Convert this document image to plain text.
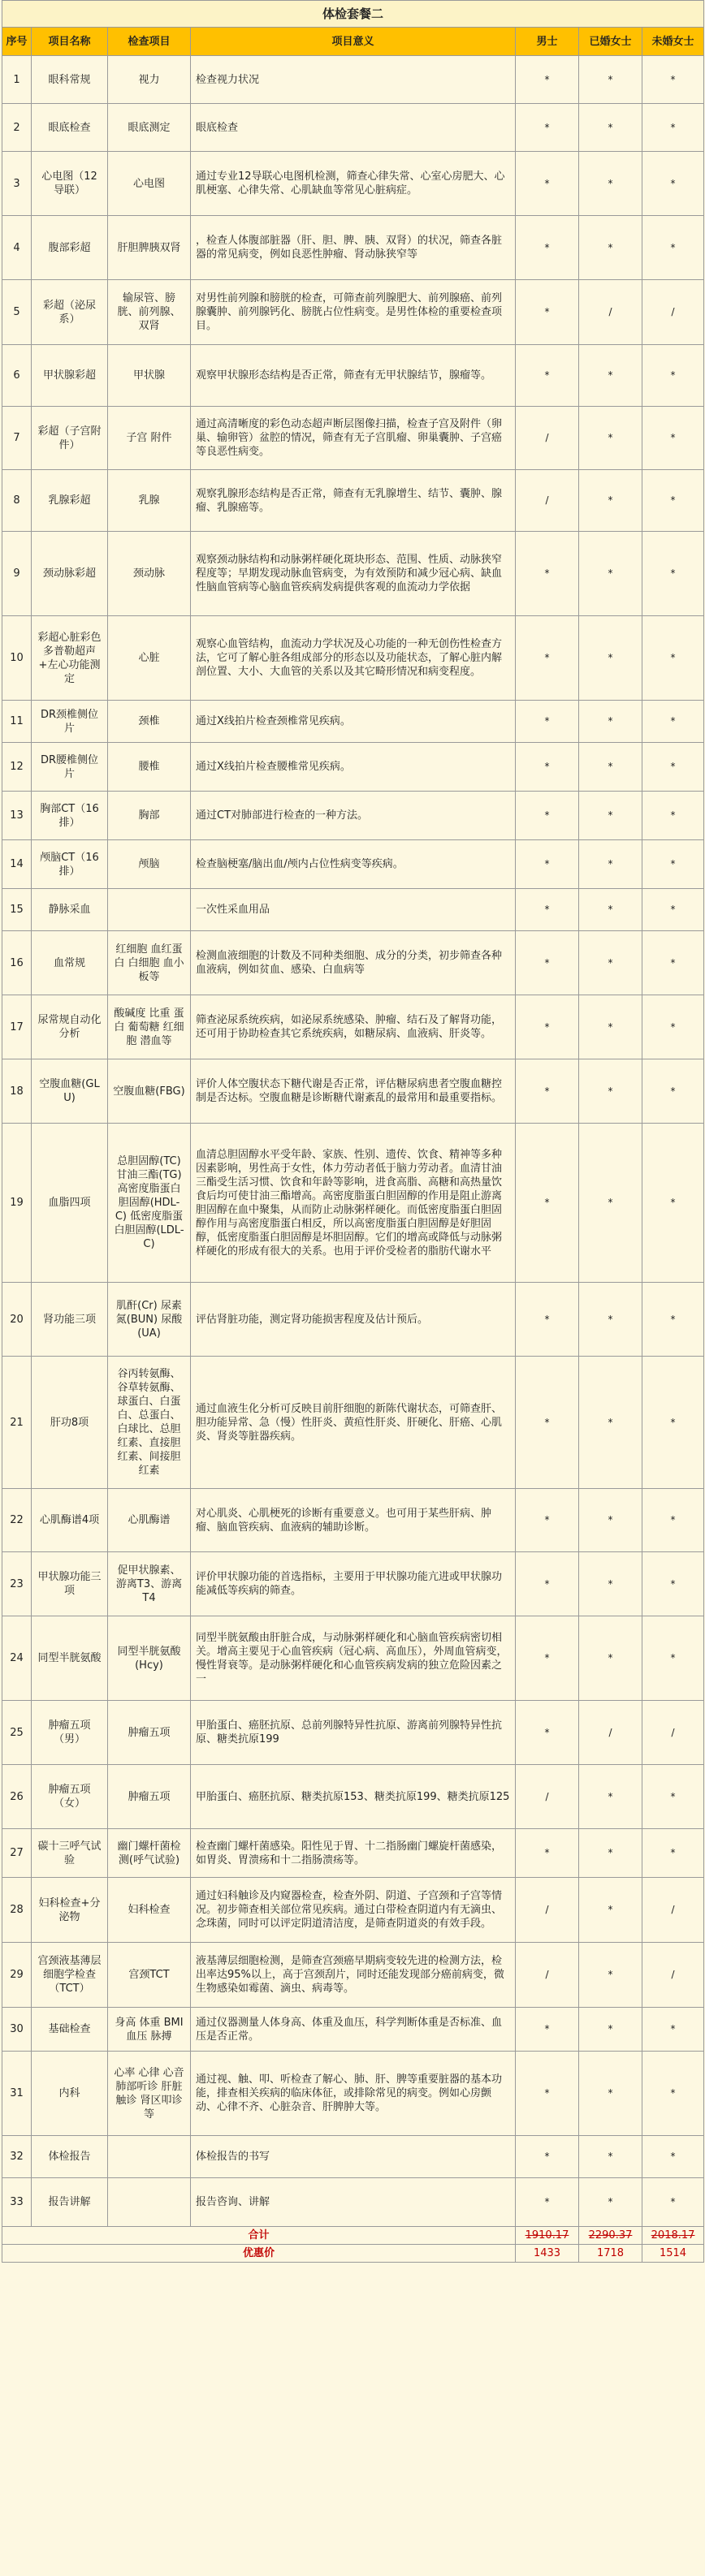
体检套餐二						
序号	项目名称	检查项目	项目意义	男士	已婚女士	未婚女士
1	眼科常规	视力	检查视力状况	*	*	*
2	眼底检查	眼底测定	眼底检查	*	*	*
3	心电图（12导联）	心电图	通过专业12导联心电图机检测，筛查心律失常、心室心房肥大、心肌梗塞、心律失常、心肌缺血等常见心脏病症。	*	*	*
4	腹部彩超	肝胆脾胰双肾	，检查人体腹部脏器（肝、胆、脾、胰、双肾）的状况，筛查各脏器的常见病变，例如良恶性肿瘤、肾动脉狭窄等	*	*	*
5	彩超（泌尿系）	输尿管、膀胱、前列腺、双肾	对男性前列腺和膀胱的检查，可筛查前列腺肥大、前列腺癌、前列腺囊肿、前列腺钙化、膀胱占位性病变。是男性体检的重要检查项目。	*	/	/
6	甲状腺彩超	甲状腺	观察甲状腺形态结构是否正常，筛查有无甲状腺结节，腺瘤等。	*	*	*
7	彩超（子宫附件）	子宫 附件	通过高清晰度的彩色动态超声断层图像扫描，检查子宫及附件（卵巢、输卵管）盆腔的情况，筛查有无子宫肌瘤、卵巢囊肿、子宫癌等良恶性病变。	/	*	*
8	乳腺彩超	乳腺	观察乳腺形态结构是否正常，筛查有无乳腺增生、结节、囊肿、腺瘤、乳腺癌等。	/	*	*
9	颈动脉彩超	颈动脉	观察颈动脉结构和动脉粥样硬化斑块形态、范围、性质、动脉狭窄程度等；早期发现动脉血管病变，为有效预防和减少冠心病、缺血性脑血管病等心脑血管疾病发病提供客观的血流动力学依据	*	*	*
10	彩超心脏彩色多普勒超声+左心功能测定	心脏	观察心血管结构，血流动力学状况及心功能的一种无创伤性检查方法，它可了解心脏各组成部分的形态以及功能状态，了解心脏内解剖位置、大小、大血管的关系以及其它畸形情况和病变程度。	*	*	*
11	DR颈椎侧位片	颈椎	通过X线拍片检查颈椎常见疾病。	*	*	*
12	DR腰椎侧位片	腰椎	通过X线拍片检查腰椎常见疾病。	*	*	*
13	胸部CT（16排）	胸部	通过CT对肺部进行检查的一种方法。	*	*	*
14	颅脑CT（16排）	颅脑	检查脑梗塞/脑出血/颅内占位性病变等疾病。	*	*	*
15	静脉采血		一次性采血用品	*	*	*
16	血常规	红细胞 血红蛋白 白细胞 血小板等	检测血液细胞的计数及不同种类细胞、成分的分类，初步筛查各种血液病，例如贫血、感染、白血病等	*	*	*
17	尿常规自动化分析	酸碱度 比重 蛋白 葡萄糖 红细胞 潜血等	筛查泌尿系统疾病，如泌尿系统感染、肿瘤、结石及了解肾功能，还可用于协助检查其它系统疾病，如糖尿病、血液病、肝炎等。	*	*	*
18	空腹血糖(GLU)	空腹血糖(FBG)	评价人体空腹状态下糖代谢是否正常，评估糖尿病患者空腹血糖控制是否达标。空腹血糖是诊断糖代谢紊乱的最常用和最重要指标。	*	*	*
19	血脂四项	总胆固醇(TC) 甘油三酯(TG) 高密度脂蛋白胆固醇(HDL-C) 低密度脂蛋白胆固醇(LDL-C)	血清总胆固醇水平受年龄、家族、性别、遗传、饮食、精神等多种因素影响，男性高于女性，体力劳动者低于脑力劳动者。血清甘油三酯受生活习惯、饮食和年龄等影响，进食高脂、高糖和高热量饮食后均可使甘油三酯增高。高密度脂蛋白胆固醇的作用是阻止游离胆固醇在血中聚集，从而防止动脉粥样硬化。而低密度脂蛋白胆固醇作用与高密度脂蛋白相反，所以高密度脂蛋白胆固醇是好胆固醇，低密度脂蛋白胆固醇是坏胆固醇。它们的增高或降低与动脉粥样硬化的形成有很大的关系。也用于评价受检者的脂肪代谢水平	*	*	*
20	肾功能三项	肌酐(Cr) 尿素氮(BUN) 尿酸(UA)	评估肾脏功能，测定肾功能损害程度及估计预后。	*	*	*
21	肝功8项	谷丙转氨酶、谷草转氨酶、球蛋白、白蛋白、总蛋白、白球比、总胆红素、直接胆红素、间接胆红素	通过血液生化分析可反映目前肝细胞的新陈代谢状态，可筛查肝、胆功能异常、急（慢）性肝炎、黄疸性肝炎、肝硬化、肝癌、心肌炎、肾炎等脏器疾病。	*	*	*
22	心肌酶谱4项	心肌酶谱	对心肌炎、心肌梗死的诊断有重要意义。也可用于某些肝病、肿瘤、脑血管疾病、血液病的辅助诊断。	*	*	*
23	甲状腺功能三项	促甲状腺素、游离T3、游离T4	评价甲状腺功能的首选指标，主要用于甲状腺功能亢进或甲状腺功能减低等疾病的筛查。	*	*	*
24	同型半胱氨酸	同型半胱氨酸(Hcy)	同型半胱氨酸由肝脏合成，与动脉粥样硬化和心脑血管疾病密切相关。增高主要见于心血管疾病（冠心病、高血压），外周血管病变，慢性肾衰等。是动脉粥样硬化和心血管疾病发病的独立危险因素之一	*	*	*
25	肿瘤五项（男）	肿瘤五项	甲胎蛋白、癌胚抗原、总前列腺特异性抗原、游离前列腺特异性抗原、糖类抗原199	*	/	/
26	肿瘤五项（女）	肿瘤五项	甲胎蛋白、癌胚抗原、糖类抗原153、糖类抗原199、糖类抗原125	/	*	*
27	碳十三呼气试验	幽门螺杆菌检测(呼气试验)	检查幽门螺杆菌感染。阳性见于胃、十二指肠幽门螺旋杆菌感染，如胃炎、胃溃疡和十二指肠溃疡等。	*	*	*
28	妇科检查+分泌物	妇科检查	通过妇科触诊及内窥器检查，检查外阴、阴道、子宫颈和子宫等情况。初步筛查相关部位常见疾病。通过白带检查阴道内有无滴虫、念珠菌，同时可以评定阴道清洁度，是筛查阴道炎的有效手段。	/	*	/
29	宫颈液基薄层细胞学检查（TCT）	宫颈TCT	液基薄层细胞检测，是筛查宫颈癌早期病变较先进的检测方法，检出率达95%以上，高于宫颈刮片，同时还能发现部分癌前病变，微生物感染如霉菌、滴虫、病毒等。	/	*	/
30	基础检查	身高 体重 BMI 血压 脉搏	通过仪器测量人体身高、体重及血压，科学判断体重是否标准、血压是否正常。	*	*	*
31	内科	心率 心律 心音 肺部听诊 肝脏触诊 肾区叩诊等	通过视、触、叩、听检查了解心、肺、肝、脾等重要脏器的基本功能，排查相关疾病的临床体征，或排除常见的病变。例如心房颤动、心律不齐、心脏杂音、肝脾肿大等。	*	*	*
32	体检报告		体检报告的书写	*	*	*
33	报告讲解		报告咨询、讲解	*	*	*
合计				1910.17	2290.37	2018.17
优惠价				1433	1718	1514
